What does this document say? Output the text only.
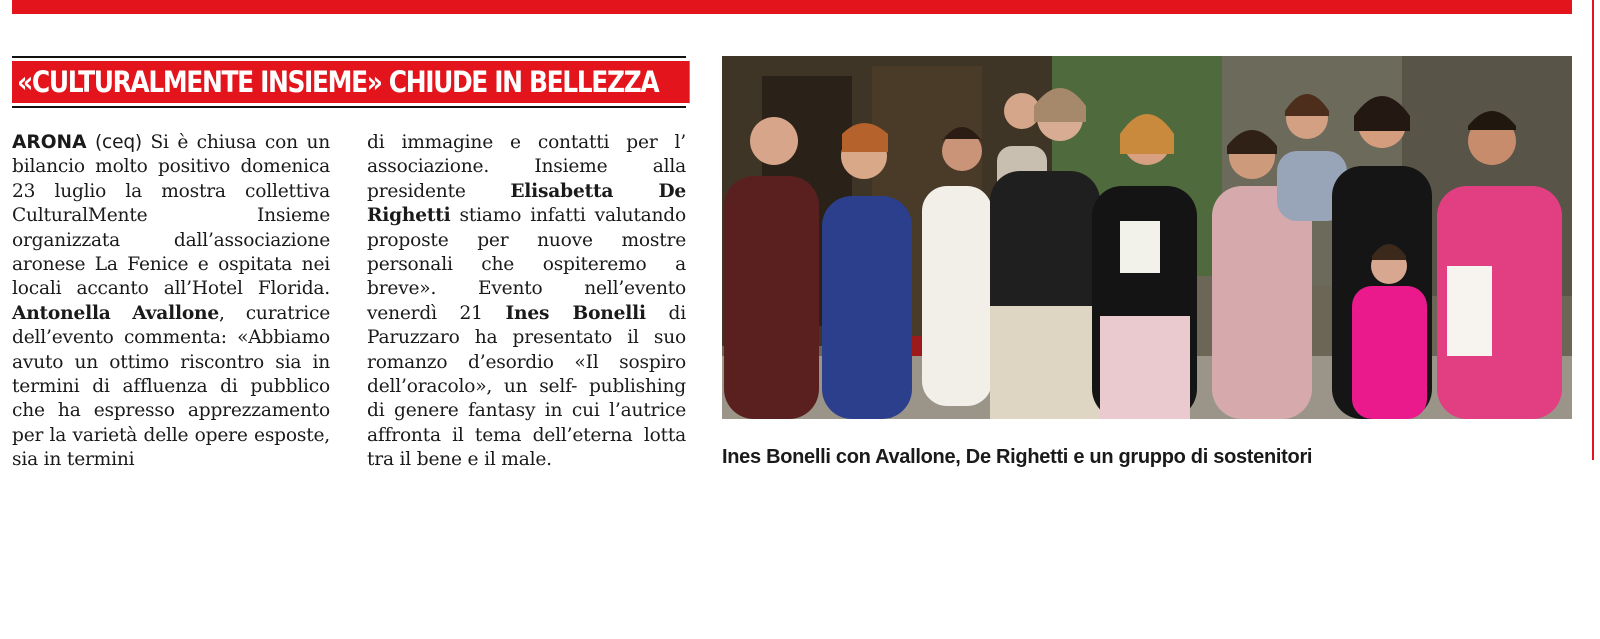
«CULTURALMENTE INSIEME» CHIUDE IN BELLEZZA

ARONA (ceq) Si è chiusa con un bilancio molto positivo domenica 23 luglio la mostra collettiva CulturalMente Insieme organizzata dall’associazione aronese La Fenice e ospitata nei locali accanto all’Hotel Florida. Antonella Avallone, curatrice dell’evento commenta: «Abbiamo avuto un ottimo riscontro sia in termini di affluenza di pubblico che ha espresso apprezzamento per la varietà delle opere esposte, sia in termini

di immagine e contatti per l’ associazione. Insieme alla presidente Elisabetta De Righetti stiamo infatti valutando proposte per nuove mostre personali che ospiteremo a breve». Evento nell’evento venerdì 21 Ines Bonelli di Paruzzaro ha presentato il suo romanzo d’esordio «Il sospiro dell’oracolo», un self- publishing di genere fantasy in cui l’autrice affronta il tema dell’eterna lotta tra il bene e il male.	Ines Bonelli con Avallone, De Righetti e un gruppo di sostenitori
